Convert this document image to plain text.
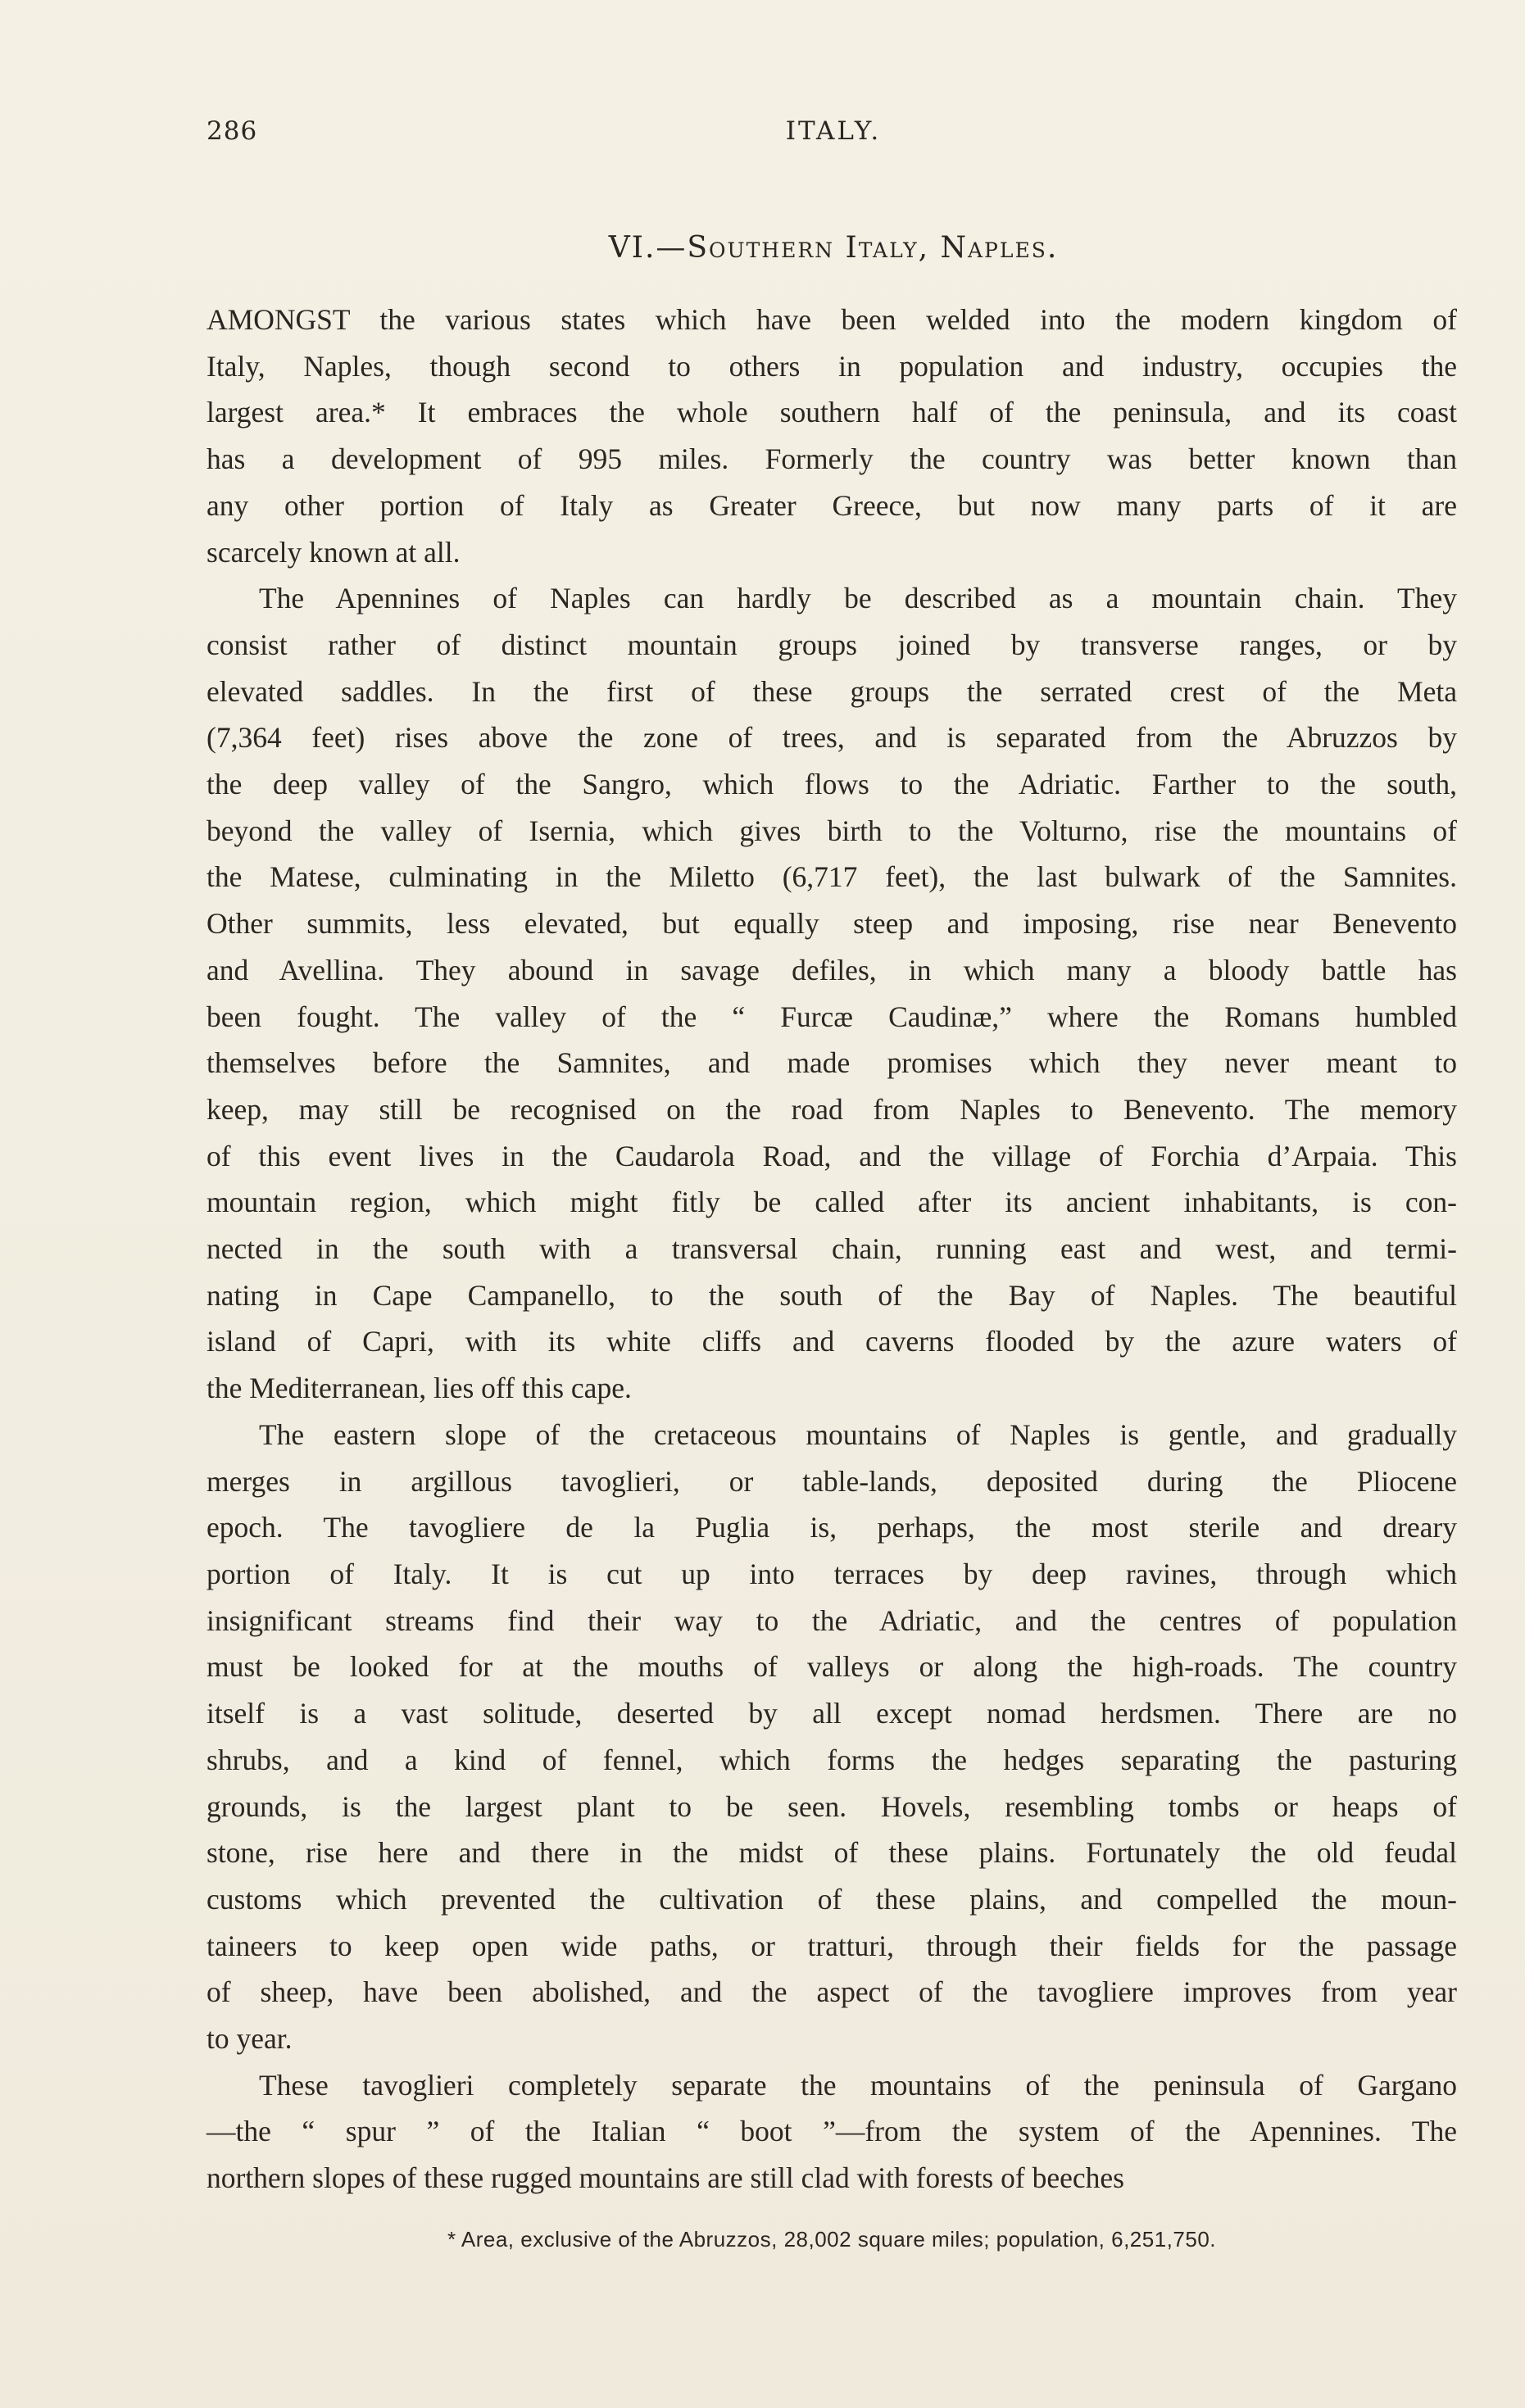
286	ITALY.
VI.—Southern Italy, Naples.
AMONGST the various states which have been welded into the modern kingdom of
Italy, Naples, though second to others in population and industry, occupies the
largest area.* It embraces the whole southern half of the peninsula, and its coast
has a development of 995 miles. Formerly the country was better known than
any other portion of Italy as Greater Greece, but now many parts of it are
scarcely known at all.
The Apennines of Naples can hardly be described as a mountain chain. They
consist rather of distinct mountain groups joined by transverse ranges, or by
elevated saddles. In the first of these groups the serrated crest of the Meta
(7,364 feet) rises above the zone of trees, and is separated from the Abruzzos by
the deep valley of the Sangro, which flows to the Adriatic. Farther to the south,
beyond the valley of Isernia, which gives birth to the Volturno, rise the mountains of
the Matese, culminating in the Miletto (6,717 feet), the last bulwark of the Samnites.
Other summits, less elevated, but equally steep and imposing, rise near Benevento
and Avellina. They abound in savage defiles, in which many a bloody battle has
been fought. The valley of the “ Furcæ Caudinæ,” where the Romans humbled
themselves before the Samnites, and made promises which they never meant to
keep, may still be recognised on the road from Naples to Benevento. The memory
of this event lives in the Caudarola Road, and the village of Forchia d’Arpaia. This
mountain region, which might fitly be called after its ancient inhabitants, is con-
nected in the south with a transversal chain, running east and west, and termi-
nating in Cape Campanello, to the south of the Bay of Naples. The beautiful
island of Capri, with its white cliffs and caverns flooded by the azure waters of
the Mediterranean, lies off this cape.
The eastern slope of the cretaceous mountains of Naples is gentle, and gradually
merges in argillous tavoglieri, or table-lands, deposited during the Pliocene
epoch. The tavogliere de la Puglia is, perhaps, the most sterile and dreary
portion of Italy. It is cut up into terraces by deep ravines, through which
insignificant streams find their way to the Adriatic, and the centres of population
must be looked for at the mouths of valleys or along the high-roads. The country
itself is a vast solitude, deserted by all except nomad herdsmen. There are no
shrubs, and a kind of fennel, which forms the hedges separating the pasturing
grounds, is the largest plant to be seen. Hovels, resembling tombs or heaps of
stone, rise here and there in the midst of these plains. Fortunately the old feudal
customs which prevented the cultivation of these plains, and compelled the moun-
taineers to keep open wide paths, or tratturi, through their fields for the passage
of sheep, have been abolished, and the aspect of the tavogliere improves from year
to year.
These tavoglieri completely separate the mountains of the peninsula of Gargano
—the “ spur ” of the Italian “ boot ”—from the system of the Apennines. The
northern slopes of these rugged mountains are still clad with forests of beeches
* Area, exclusive of the Abruzzos, 28,002 square miles; population, 6,251,750.
